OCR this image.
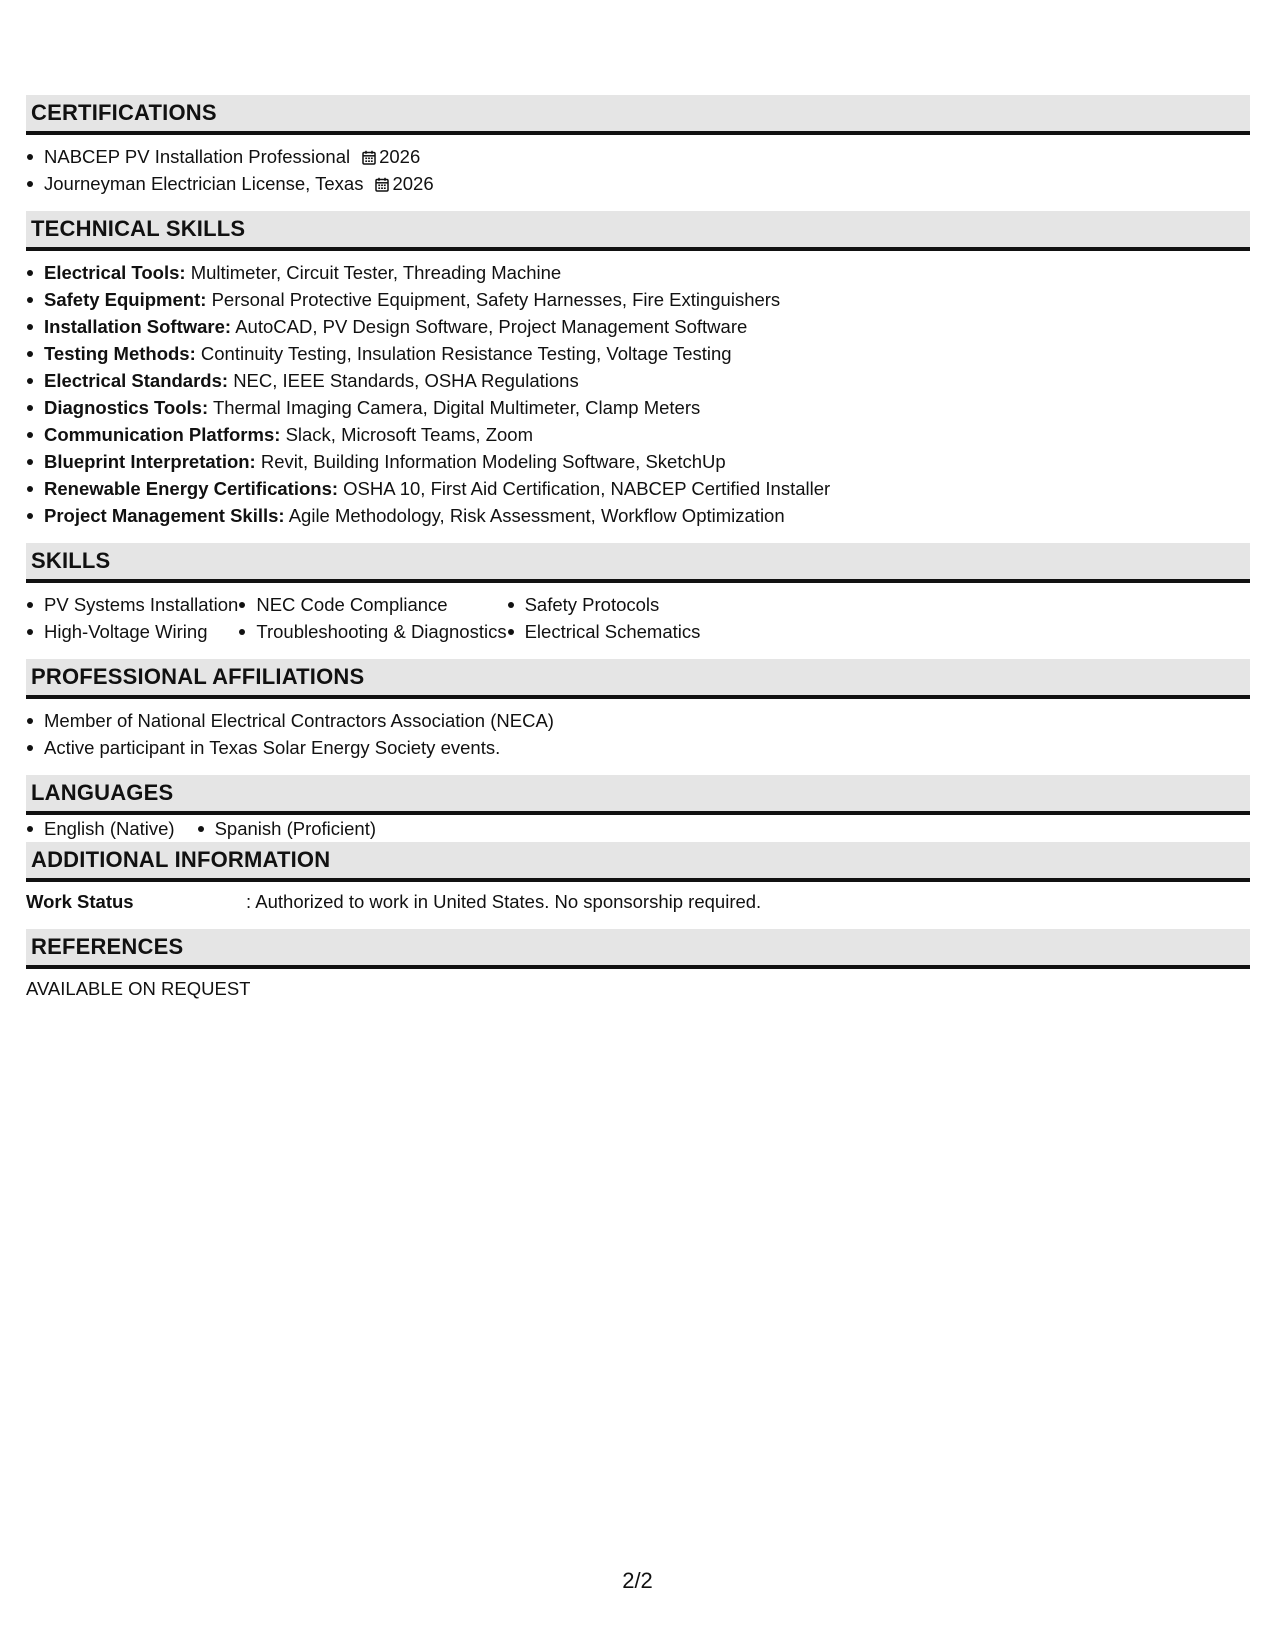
CERTIFICATIONS
NABCEP PV Installation Professional 2026
Journeyman Electrician License, Texas 2026
TECHNICAL SKILLS
Electrical Tools: Multimeter, Circuit Tester, Threading Machine
Safety Equipment: Personal Protective Equipment, Safety Harnesses, Fire Extinguishers
Installation Software: AutoCAD, PV Design Software, Project Management Software
Testing Methods: Continuity Testing, Insulation Resistance Testing, Voltage Testing
Electrical Standards: NEC, IEEE Standards, OSHA Regulations
Diagnostics Tools: Thermal Imaging Camera, Digital Multimeter, Clamp Meters
Communication Platforms: Slack, Microsoft Teams, Zoom
Blueprint Interpretation: Revit, Building Information Modeling Software, SketchUp
Renewable Energy Certifications: OSHA 10, First Aid Certification, NABCEP Certified Installer
Project Management Skills: Agile Methodology, Risk Assessment, Workflow Optimization
SKILLS
PV Systems Installation
High-Voltage Wiring
NEC Code Compliance
Troubleshooting & Diagnostics
Safety Protocols
Electrical Schematics
PROFESSIONAL AFFILIATIONS
Member of National Electrical Contractors Association (NECA)
Active participant in Texas Solar Energy Society events.
LANGUAGES
English (Native)	Spanish (Proficient)
ADDITIONAL INFORMATION
Work Status	: Authorized to work in United States. No sponsorship required.
REFERENCES
AVAILABLE ON REQUEST
2/2
